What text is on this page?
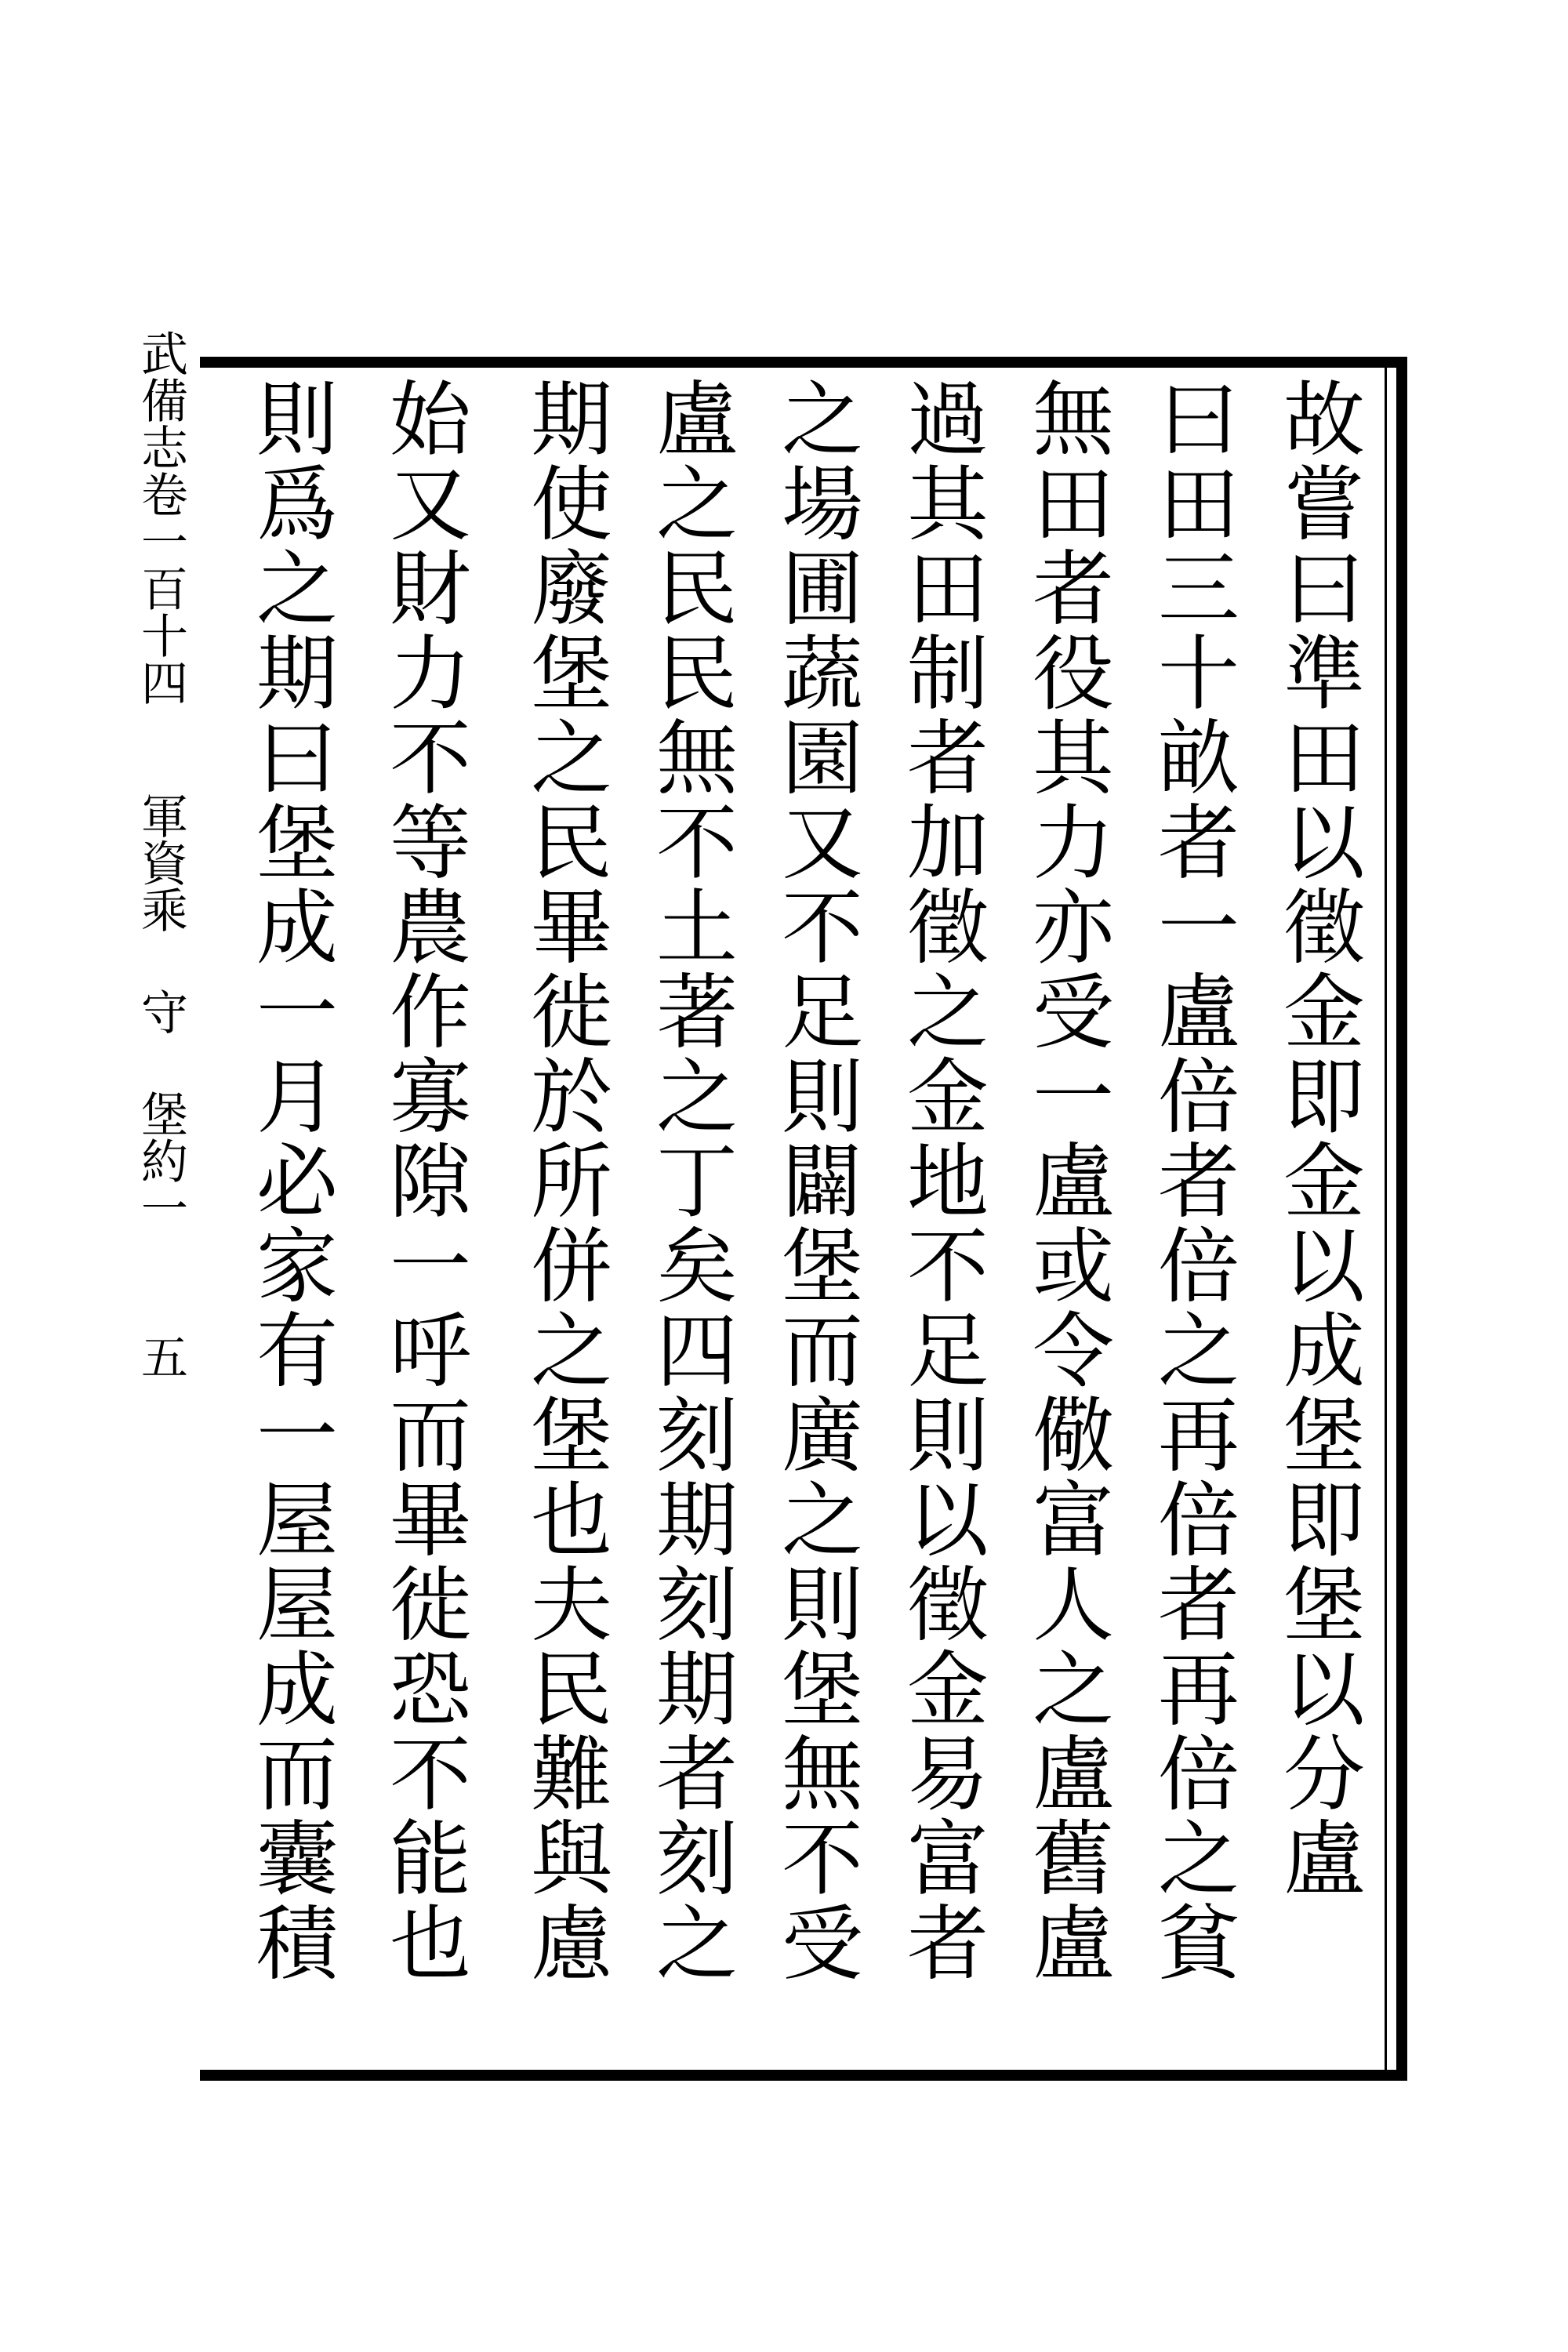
故嘗曰準田以徵金即金以成堡即堡以分盧
曰田三十畝者一盧倍者倍之再倍者再倍之貧
無田者役其力亦受一盧或令儆富人之盧舊盧
過其田制者加徵之金地不足則以徵金易富者
之場圃蔬園又不足則闢堡而廣之則堡無不受
盧之民民無不土著之丁矣四刻期刻期者刻之
期使廢堡之民畢徙於所併之堡也夫民難與慮
始又財力不等農作寡隙一呼而畢徙恐不能也
則爲之期曰堡成一月必家有一屋屋成而囊積
武備志卷一百十四 軍資乘 守 堡約一 五
